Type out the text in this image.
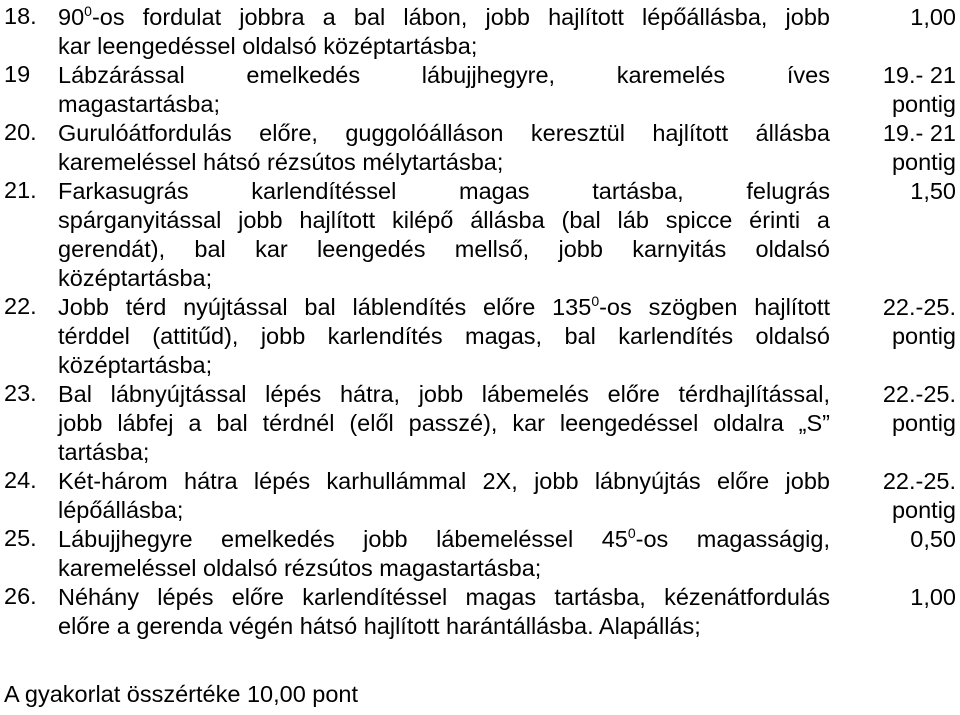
18. $90^0-os$ fordulat jobbra a bal lábon, jobb hajlított lépőállásba, jobb
kar leengedéssel oldalsó középtartásba;
1,00
19 Lábzárással emelkedés lábujjhegyre, karemelés íves
magastartásba;
19.- 21
pontig
20. Gurulóátfordulás előre, guggolóálláson keresztül hajlított állásba
karemeléssel hátsó rézsútos mélytartásba;
19.- 21
pontig
21. Farkasugrás karlendítéssel magas tartásba, felugrás
spárganyitással jobb hajlított kilépő állásba (bal láb spicce érinti a
gerendát), bal kar leengedés mellső, jobb karnyitás oldalsó
középtartásba;
1,50
22. Jobb térd nyújtással bal láblendítés előre $135^0-os$ szögben hajlított
térddel (attitűd), jobb karlendítés magas, bal karlendítés oldalsó
középtartásba;
22.-25.
pontig
23. Bal lábnyújtással lépés hátra, jobb lábemelés előre térdhajlítással,
jobb lábfej a bal térdnél (elől passzé), kar leengedéssel oldalra „S”
tartásba;
22.-25.
pontig
24. Két-három hátra lépés karhullámmal 2X, jobb lábnyújtás előre jobb
lépőállásba;
22.-25.
pontig
25. Lábujjhegyre emelkedés jobb lábemeléssel $45^0-os$ magasságig,
karemeléssel oldalsó rézsútos magastartásba;
0,50
26. Néhány lépés előre karlendítéssel magas tartásba, kézenátfordulás
előre a gerenda végén hátsó hajlított harántállásba. Alapállás;
1,00
A gyakorlat összértéke 10,00 pont
